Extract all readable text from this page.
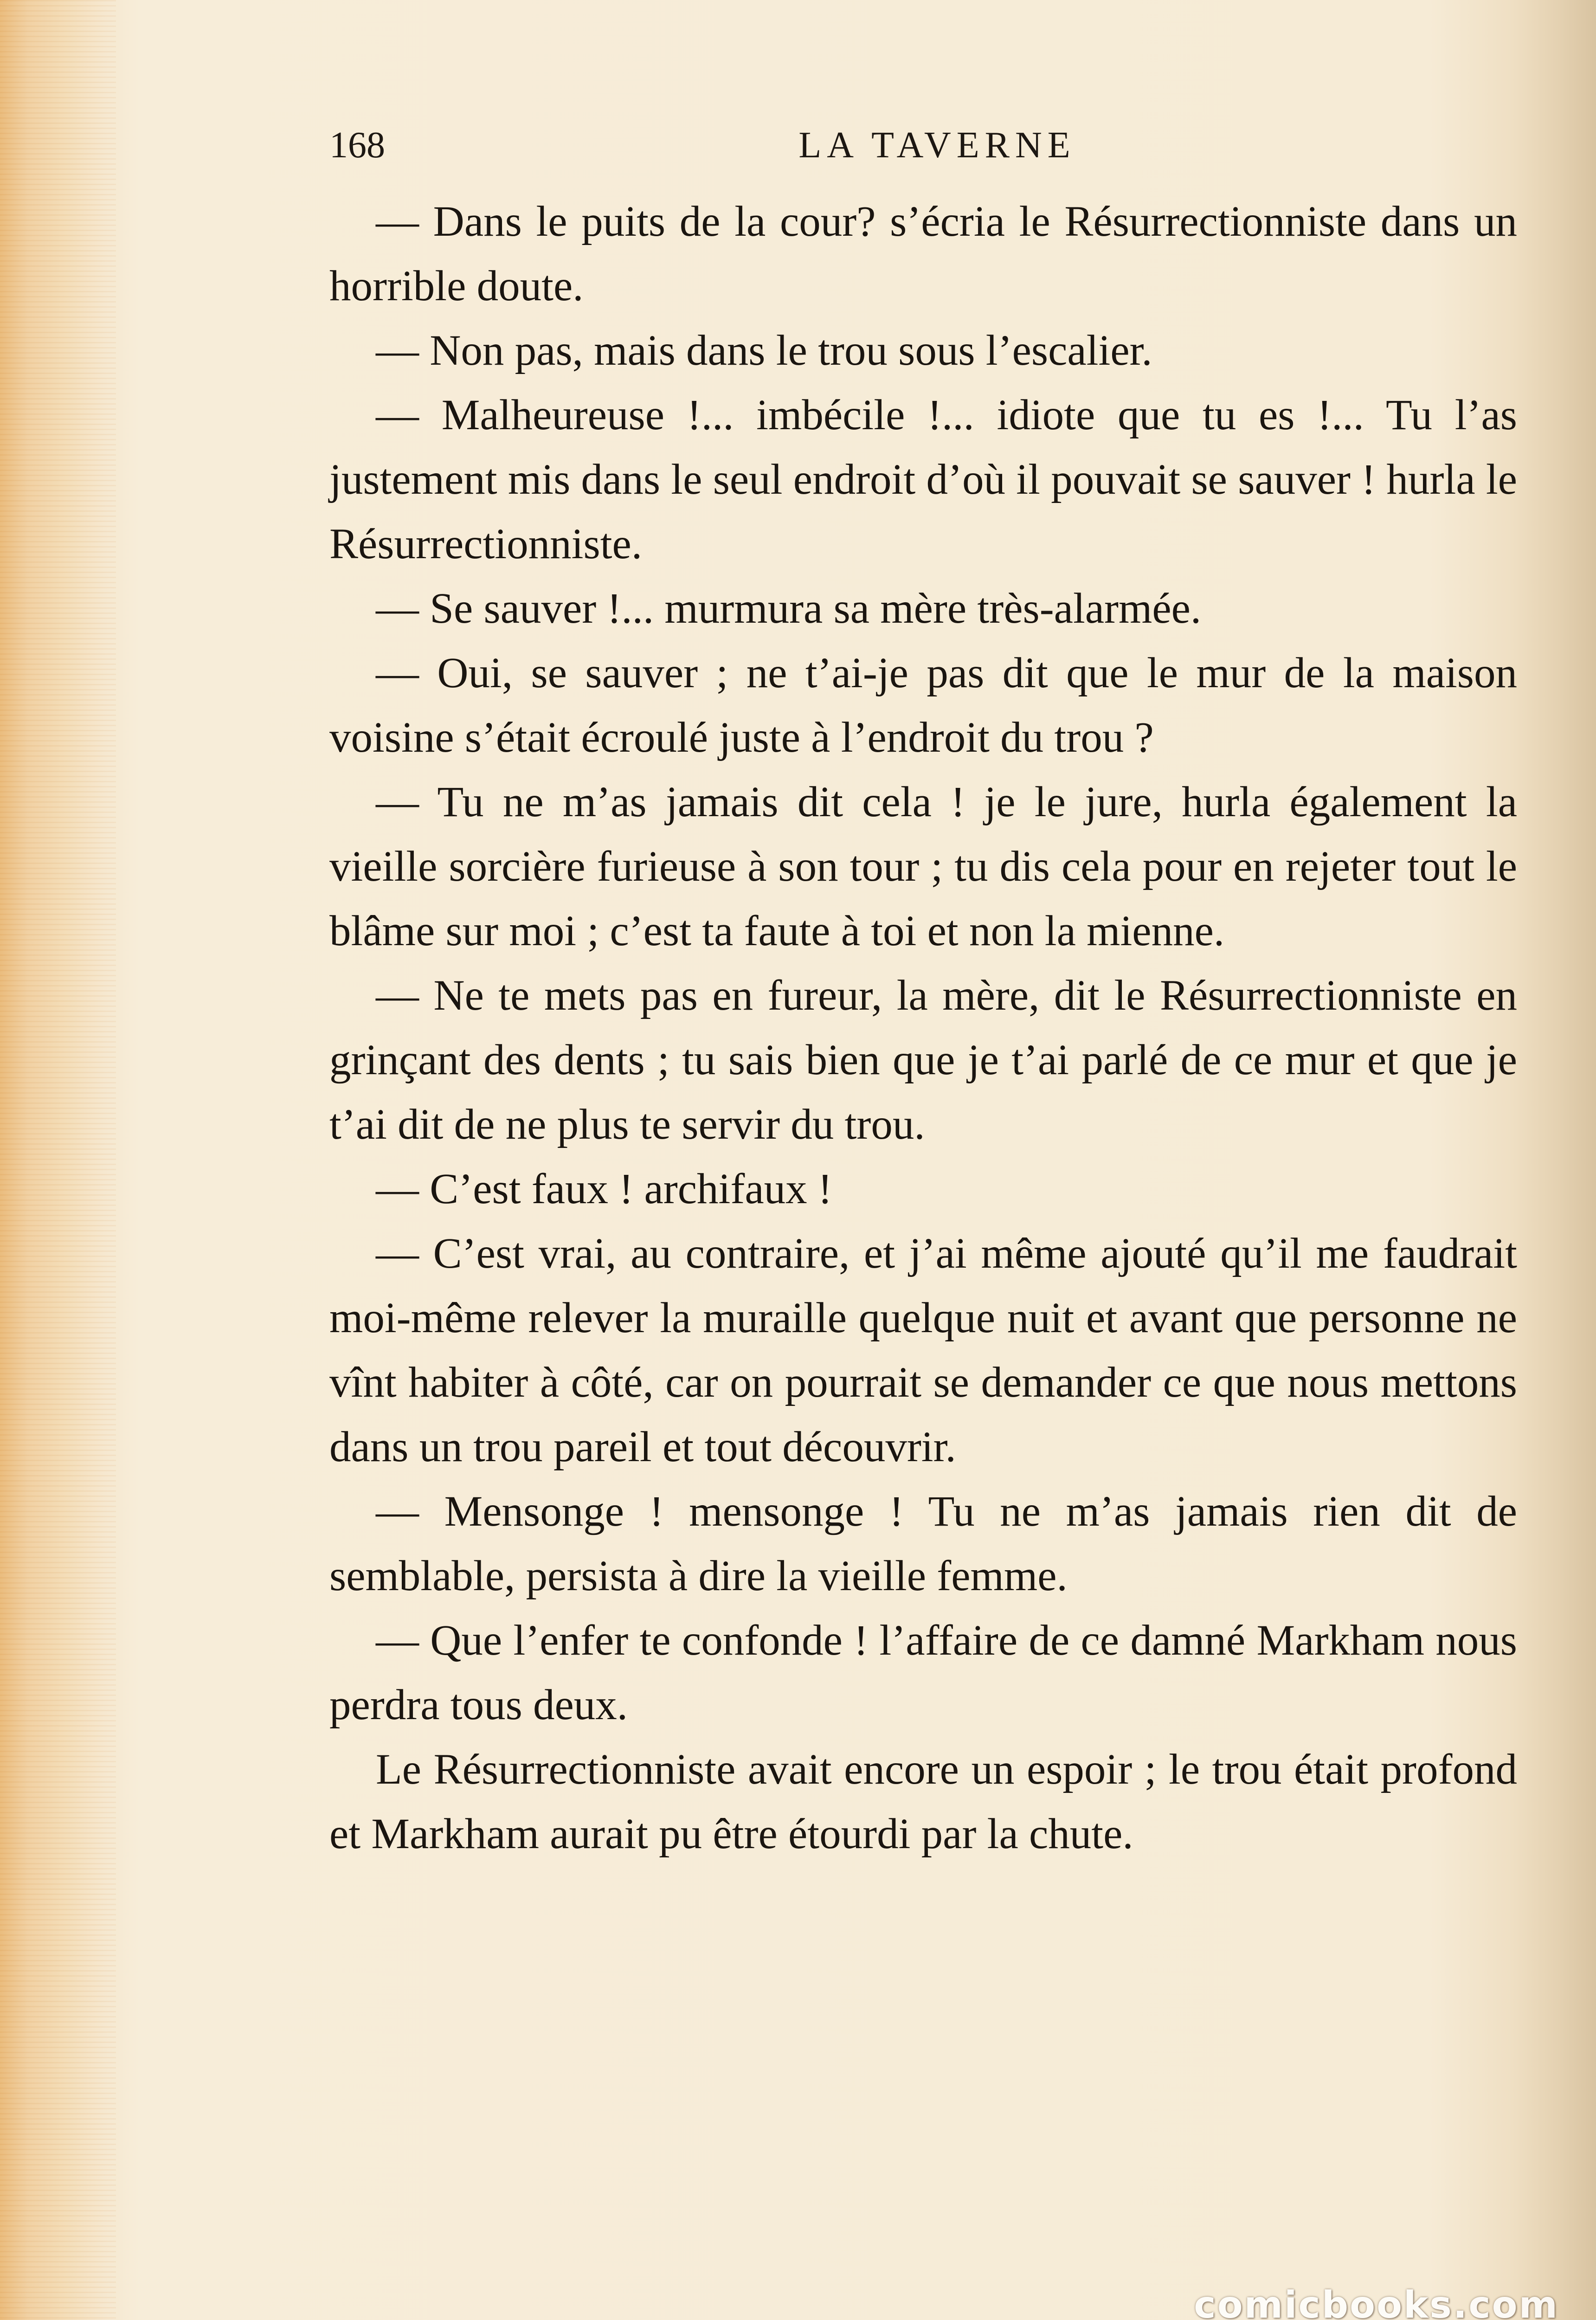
168	LA TAVERNE

— Dans le puits de la cour? s’écria le Résurrectionniste dans un horrible doute.

— Non pas, mais dans le trou sous l’escalier.

— Malheureuse !... imbécile !... idiote que tu es !... Tu l’as justement mis dans le seul endroit d’où il pouvait se sauver ! hurla le Résurrectionniste.

— Se sauver !... murmura sa mère très-alarmée.

— Oui, se sauver ; ne t’ai-je pas dit que le mur de la maison voisine s’était écroulé juste à l’endroit du trou ?

— Tu ne m’as jamais dit cela ! je le jure, hurla également la vieille sorcière furieuse à son tour ; tu dis cela pour en rejeter tout le blâme sur moi ; c’est ta faute à toi et non la mienne.

— Ne te mets pas en fureur, la mère, dit le Résurrectionniste en grinçant des dents ; tu sais bien que je t’ai parlé de ce mur et que je t’ai dit de ne plus te servir du trou.

— C’est faux ! archifaux !

— C’est vrai, au contraire, et j’ai même ajouté qu’il me faudrait moi-même relever la muraille quelque nuit et avant que personne ne vînt habiter à côté, car on pourrait se demander ce que nous mettons dans un trou pareil et tout découvrir.

— Mensonge ! mensonge ! Tu ne m’as jamais rien dit de semblable, persista à dire la vieille femme.

— Que l’enfer te confonde ! l’affaire de ce damné Markham nous perdra tous deux.

Le Résurrectionniste avait encore un espoir ; le trou était profond et Markham aurait pu être étourdi par la chute.

comicbooks.com
